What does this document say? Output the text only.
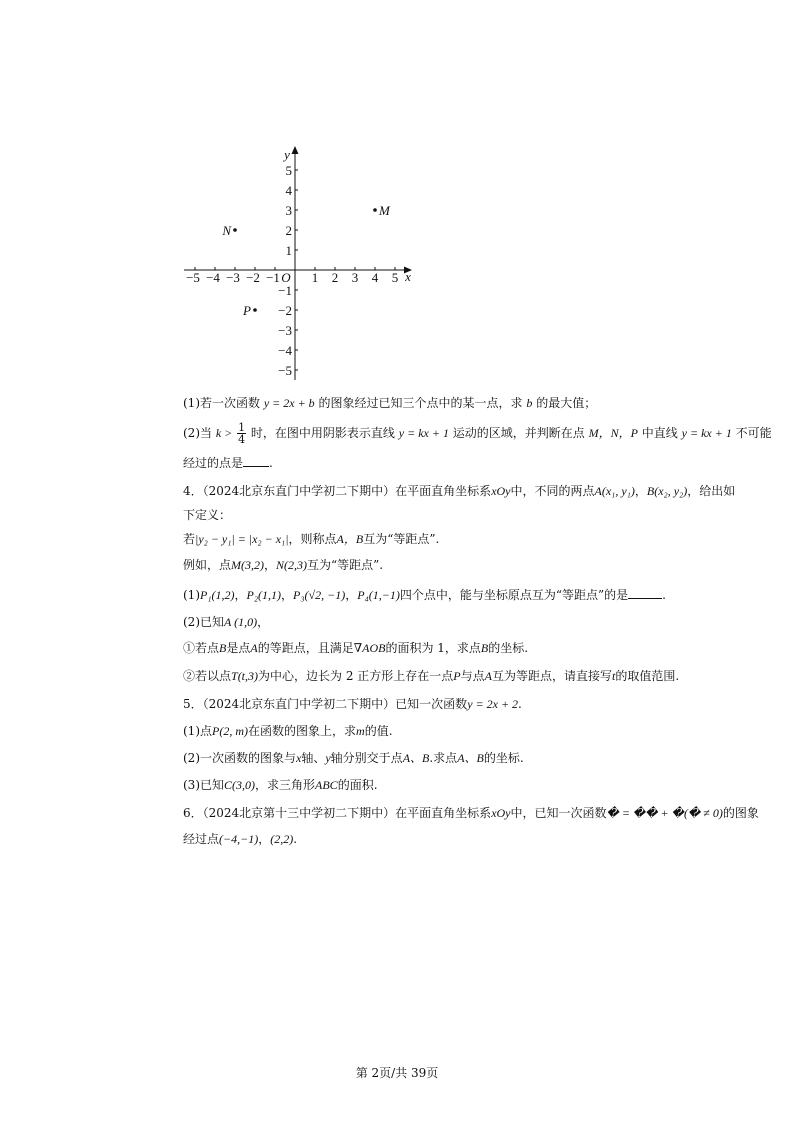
x
y
O
−5 −4 −3 −2 −1 1 2 3 4 5
5
4
3
2
1
−1
−2
−3
−4
−5
M
N
P
(1)若一次函数 y = 2x + b 的图象经过已知三个点中的某一点，求 b 的最大值；
(2)当 $k > \frac{1}{4}$ 时，在图中用阴影表示直线 y = kx + 1 运动的区域，并判断在点 M，N，P 中直线 y = kx + 1 不可能
经过的点是 .
4．（2024北京东直门中学初二下期中）在平面直角坐标系xOy中，不同的两点A(x₁, y₁)，B(x₂, y₂)，给出如
下定义：
若|y₂ − y₁| = |x₂ − x₁|，则称点A，B互为“等距点”.
例如，点M(3,2)，N(2,3)互为“等距点”.
(1)P₁(1,2)，P₂(1,1)，P₃(√2, −1)，P₄(1,−1)四个点中，能与坐标原点互为“等距点”的是	.
(2)已知A (1,0)，
①若点B是点A的等距点，且满足∇AOB的面积为 1，求点B的坐标.
②若以点T(t,3)为中心，边长为 2 正方形上存在一点P与点A互为等距点，请直接写t的取值范围.
5．（2024北京东直门中学初二下期中）已知一次函数y = 2x + 2.
(1)点P(2, m)在函数的图象上，求m的值.
(2)一次函数的图象与x轴、y轴分别交于点A、B.求点A、B的坐标.
(3)已知C(3,0)，求三角形ABC的面积.
6．（2024北京第十三中学初二下期中）在平面直角坐标系xOy中，已知一次函数� = �� + �(� ≠ 0)的图象
经过点(−4,−1)，(2,2).
第 2页/共 39页
